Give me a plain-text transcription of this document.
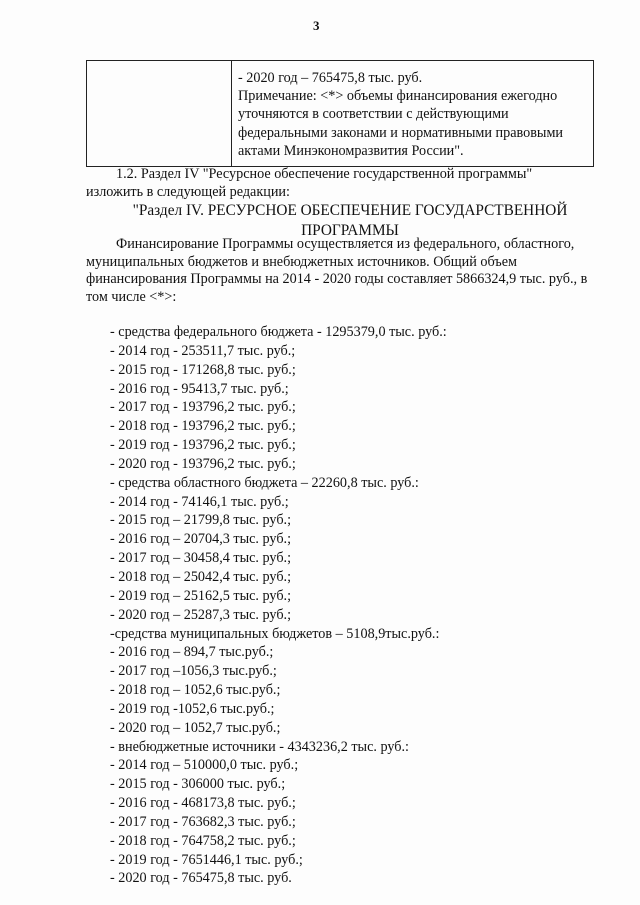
3
- 2020 год – 765475,8 тыс. руб.
Примечание: <*> объемы финансирования ежегодно
уточняются в соответствии с действующими
федеральными законами и нормативными правовыми
актами Минэкономразвития России".
1.2. Раздел IV "Ресурсное обеспечение государственной программы"
изложить в следующей редакции:
"Раздел IV. РЕСУРСНОЕ ОБЕСПЕЧЕНИЕ ГОСУДАРСТВЕННОЙ
ПРОГРАММЫ
Финансирование Программы осуществляется из федерального, областного,
муниципальных бюджетов и внебюджетных источников. Общий объем
финансирования Программы на 2014 - 2020 годы составляет 5866324,9 тыс. руб., в
том числе <*>:
- средства федерального бюджета - 1295379,0 тыс. руб.:
- 2014 год - 253511,7 тыс. руб.;
- 2015 год - 171268,8 тыс. руб.;
- 2016 год - 95413,7 тыс. руб.;
- 2017 год - 193796,2 тыс. руб.;
- 2018 год - 193796,2 тыс. руб.;
- 2019 год - 193796,2 тыс. руб.;
- 2020 год - 193796,2 тыс. руб.;
- средства областного бюджета – 22260,8 тыс. руб.:
- 2014 год - 74146,1 тыс. руб.;
- 2015 год – 21799,8 тыс. руб.;
- 2016 год – 20704,3 тыс. руб.;
- 2017 год – 30458,4 тыс. руб.;
- 2018 год – 25042,4 тыс. руб.;
- 2019 год – 25162,5 тыс. руб.;
- 2020 год – 25287,3 тыс. руб.;
-средства муниципальных бюджетов – 5108,9тыс.руб.:
- 2016 год – 894,7 тыс.руб.;
- 2017 год –1056,3 тыс.руб.;
- 2018 год – 1052,6 тыс.руб.;
- 2019 год -1052,6 тыс.руб.;
- 2020 год – 1052,7 тыс.руб.;
- внебюджетные источники - 4343236,2 тыс. руб.:
- 2014 год – 510000,0 тыс. руб.;
- 2015 год - 306000 тыс. руб.;
- 2016 год - 468173,8 тыс. руб.;
- 2017 год - 763682,3 тыс. руб.;
- 2018 год - 764758,2 тыс. руб.;
- 2019 год - 7651446,1 тыс. руб.;
- 2020 год - 765475,8 тыс. руб.
